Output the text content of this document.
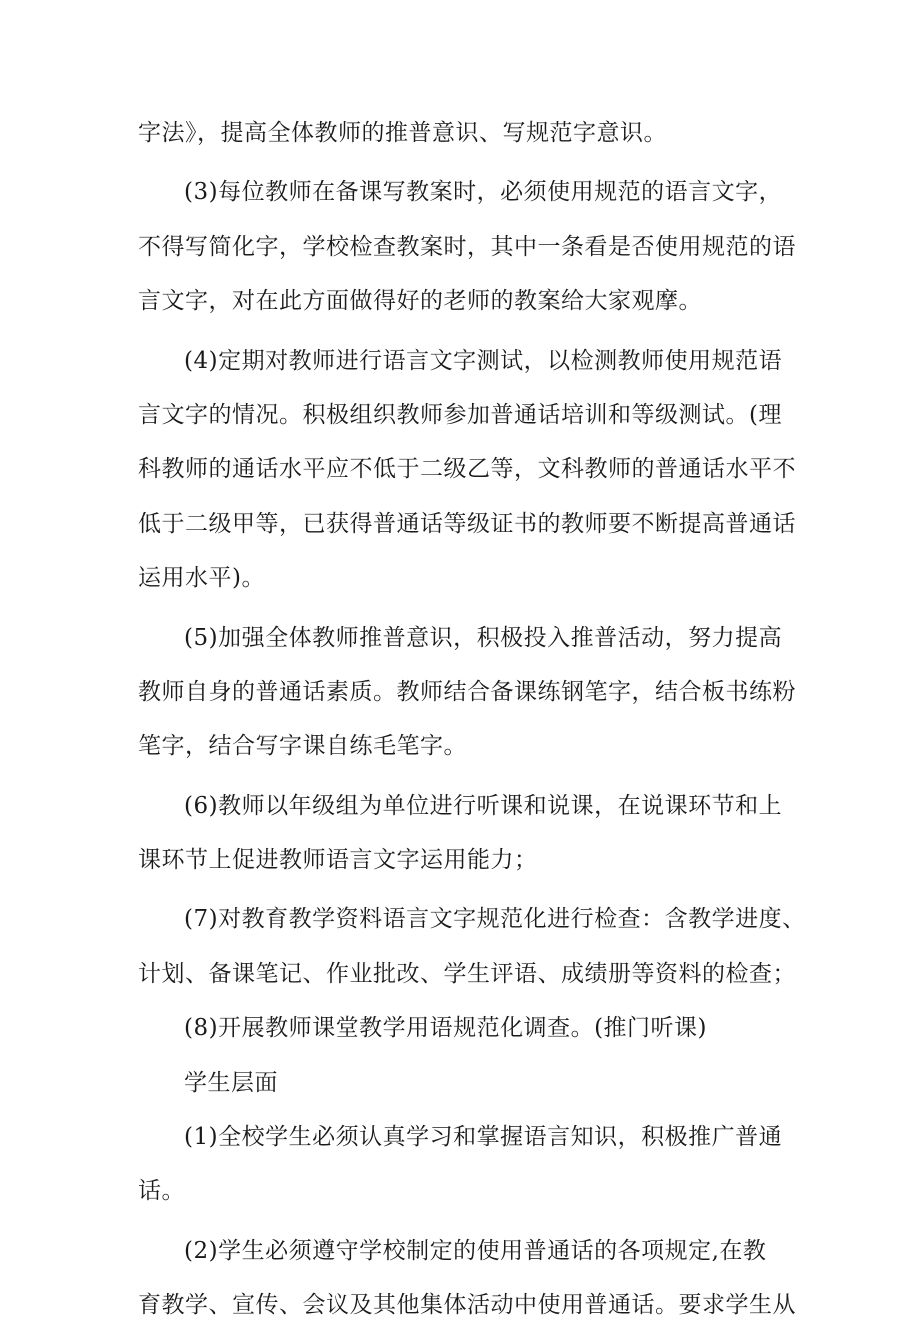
字法》，提高全体教师的推普意识、写规范字意识。
(3)每位教师在备课写教案时，必须使用规范的语言文字，
不得写简化字，学校检查教案时，其中一条看是否使用规范的语
言文字，对在此方面做得好的老师的教案给大家观摩。
(4)定期对教师进行语言文字测试，以检测教师使用规范语
言文字的情况。积极组织教师参加普通话培训和等级测试。(理
科教师的通话水平应不低于二级乙等，文科教师的普通话水平不
低于二级甲等，已获得普通话等级证书的教师要不断提高普通话
运用水平)。
(5)加强全体教师推普意识，积极投入推普活动，努力提高
教师自身的普通话素质。教师结合备课练钢笔字，结合板书练粉
笔字，结合写字课自练毛笔字。
(6)教师以年级组为单位进行听课和说课，在说课环节和上
课环节上促进教师语言文字运用能力；
(7)对教育教学资料语言文字规范化进行检查：含教学进度、
计划、备课笔记、作业批改、学生评语、成绩册等资料的检查；
(8)开展教师课堂教学用语规范化调查。(推门听课)
学生层面
(1)全校学生必须认真学习和掌握语言知识，积极推广普通
话。
(2)学生必须遵守学校制定的使用普通话的各项规定,在教
育教学、宣传、会议及其他集体活动中使用普通话。要求学生从
